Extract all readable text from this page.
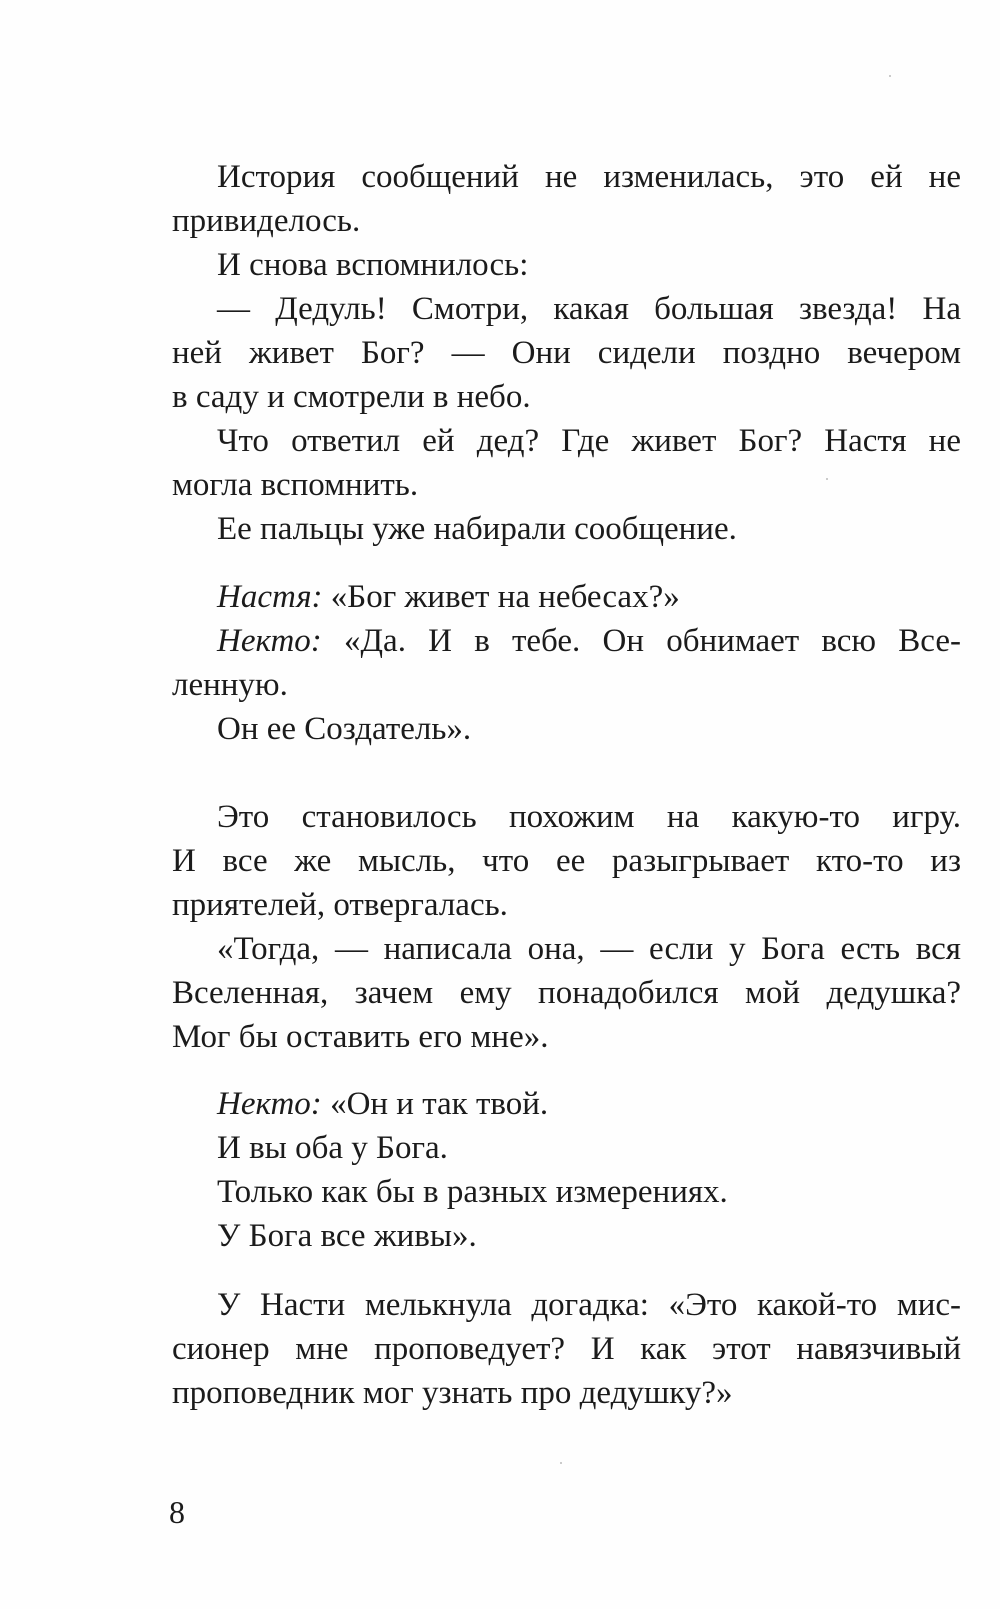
История сообщений не изменилась, это ей не
привиделось.
И снова вспомнилось:
— Дедуль! Смотри, какая большая звезда! На
ней живет Бог? — Они сидели поздно вечером
в саду и смотрели в небо.
Что ответил ей дед? Где живет Бог? Настя не
могла вспомнить.
Ее пальцы уже набирали сообщение.
Настя: «Бог живет на небесах?»
Некто: «Да. И в тебе. Он обнимает всю Все-
ленную.
Он ее Создатель».
Это становилось похожим на какую-то игру.
И все же мысль, что ее разыгрывает кто-то из
приятелей, отвергалась.
«Тогда, — написала она, — если у Бога есть вся
Вселенная, зачем ему понадобился мой дедушка?
Мог бы оставить его мне».
Некто: «Он и так твой.
И вы оба у Бога.
Только как бы в разных измерениях.
У Бога все живы».
У Насти мелькнула догадка: «Это какой-то мис-
сионер мне проповедует? И как этот навязчивый
проповедник мог узнать про дедушку?»
8
